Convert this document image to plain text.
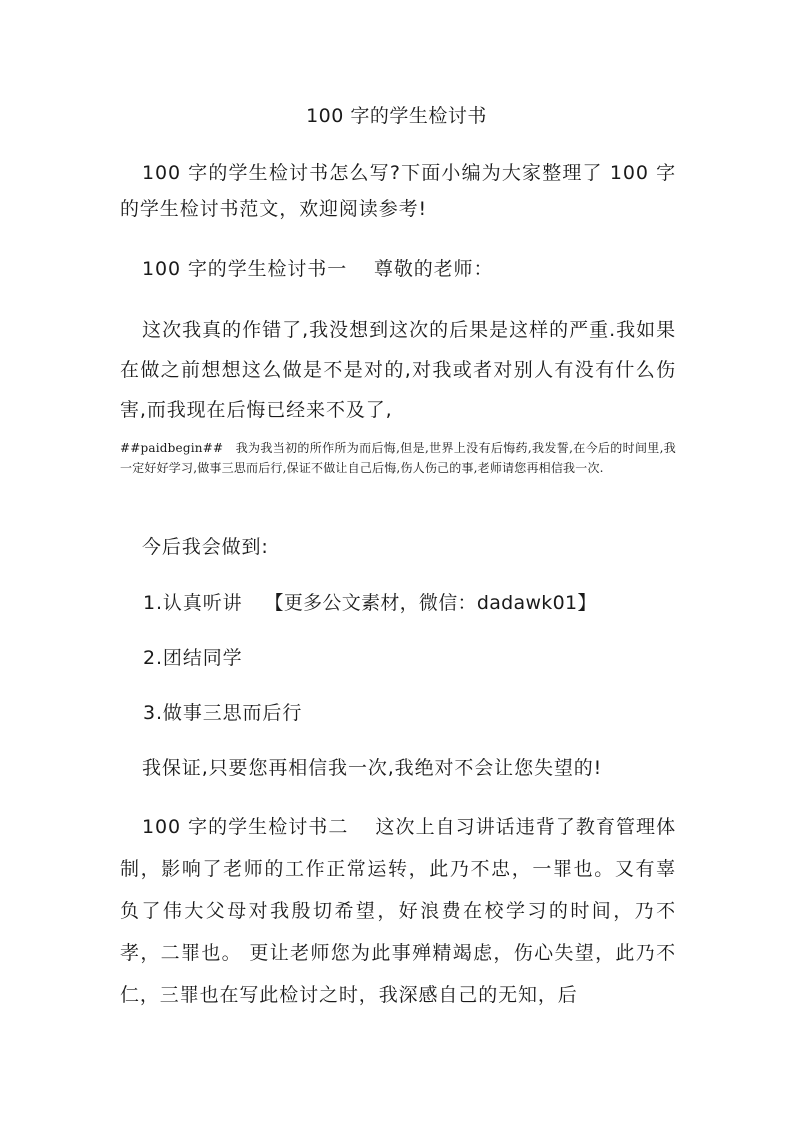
100 字的学生检讨书

100 字的学生检讨书怎么写?下面小编为大家整理了 100 字的学生检讨书范文，欢迎阅读参考!

100 字的学生检讨书一　 尊敬的老师：

这次我真的作错了,我没想到这次的后果是这样的严重.我如果在做之前想想这么做是不是对的,对我或者对别人有没有什么伤害,而我现在后悔已经来不及了,

##paidbegin##　我为我当初的所作所为而后悔,但是,世界上没有后悔药,我发誓,在今后的时间里,我一定好好学习,做事三思而后行,保证不做让自己后悔,伤人伤己的事,老师请您再相信我一次.

今后我会做到:

1.认真听讲 【更多公文素材，微信：dadawk01】
2.团结同学
3.做事三思而后行

我保证,只要您再相信我一次,我绝对不会让您失望的!

100 字的学生检讨书二　 这次上自习讲话违背了教育管理体制，影响了老师的工作正常运转，此乃不忠，一罪也。又有辜负了伟大父母对我殷切希望，好浪费在校学习的时间，乃不孝，二罪也。 更让老师您为此事殚精竭虑，伤心失望，此乃不仁，三罪也在写此检讨之时，我深感自己的无知，后
